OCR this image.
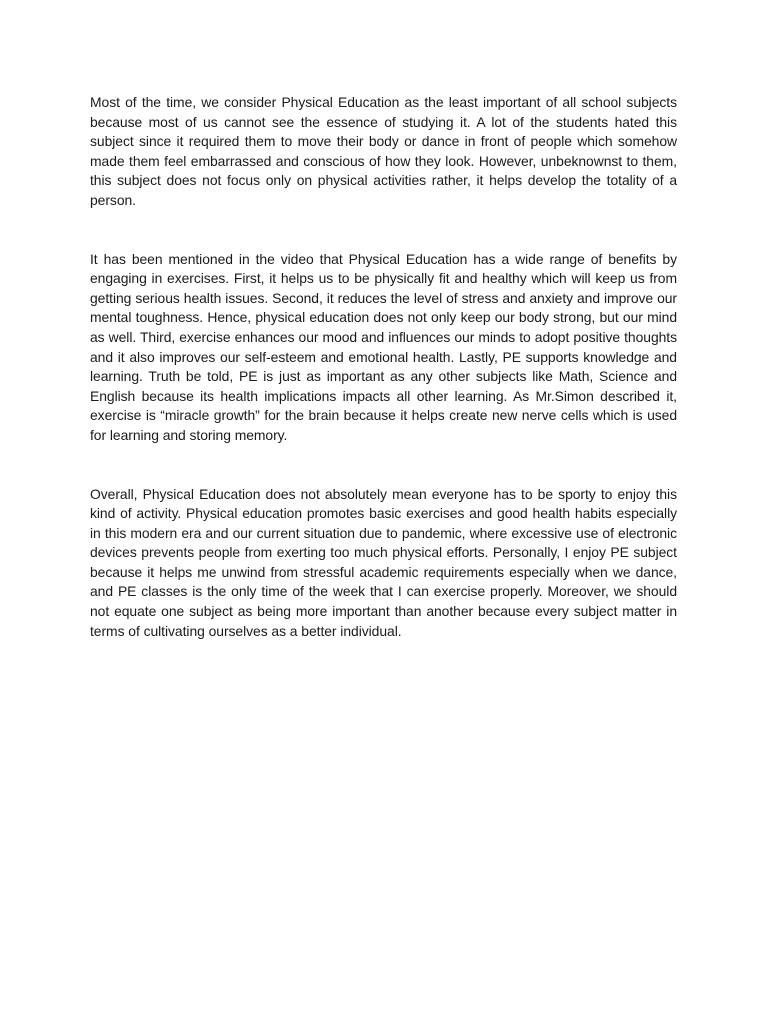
Most of the time, we consider Physical Education as the least important of all school subjects because most of us cannot see the essence of studying it. A lot of the students hated this subject since it required them to move their body or dance in front of people which somehow made them feel embarrassed and conscious of how they look. However, unbeknownst to them, this subject does not focus only on physical activities rather, it helps develop the totality of a person.

It has been mentioned in the video that Physical Education has a wide range of benefits by engaging in exercises. First, it helps us to be physically fit and healthy which will keep us from getting serious health issues. Second, it reduces the level of stress and anxiety and improve our mental toughness. Hence, physical education does not only keep our body strong, but our mind as well. Third, exercise enhances our mood and influences our minds to adopt positive thoughts and it also improves our self-esteem and emotional health. Lastly, PE supports knowledge and learning. Truth be told, PE is just as important as any other subjects like Math, Science and English because its health implications impacts all other learning. As Mr.Simon described it, exercise is “miracle growth” for the brain because it helps create new nerve cells which is used for learning and storing memory.

Overall, Physical Education does not absolutely mean everyone has to be sporty to enjoy this kind of activity. Physical education promotes basic exercises and good health habits especially in this modern era and our current situation due to pandemic, where excessive use of electronic devices prevents people from exerting too much physical efforts. Personally, I enjoy PE subject because it helps me unwind from stressful academic requirements especially when we dance, and PE classes is the only time of the week that I can exercise properly. Moreover, we should not equate one subject as being more important than another because every subject matter in terms of cultivating ourselves as a better individual.
